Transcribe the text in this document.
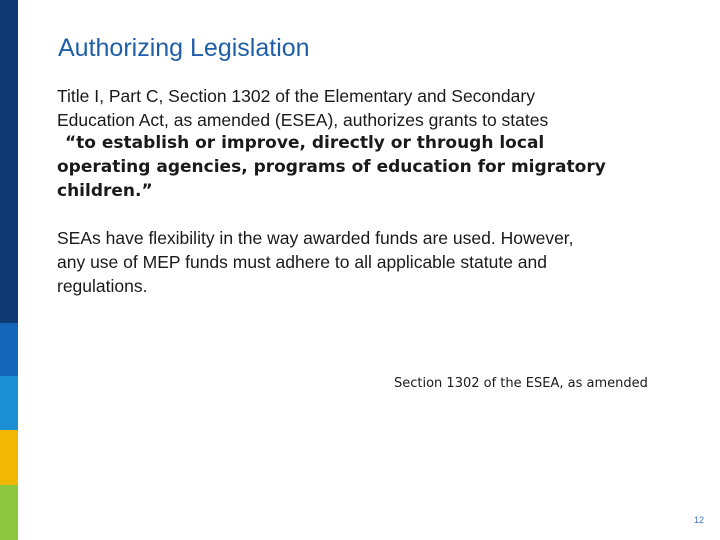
Authorizing Legislation
Title I, Part C, Section 1302 of the Elementary and Secondary
Education Act, as amended (ESEA), authorizes grants to states
“to establish or improve, directly or through local
operating agencies, programs of education for migratory
children.”
SEAs have flexibility in the way awarded funds are used. However,
any use of MEP funds must adhere to all applicable statute and
regulations.
Section 1302 of the ESEA, as amended
12
